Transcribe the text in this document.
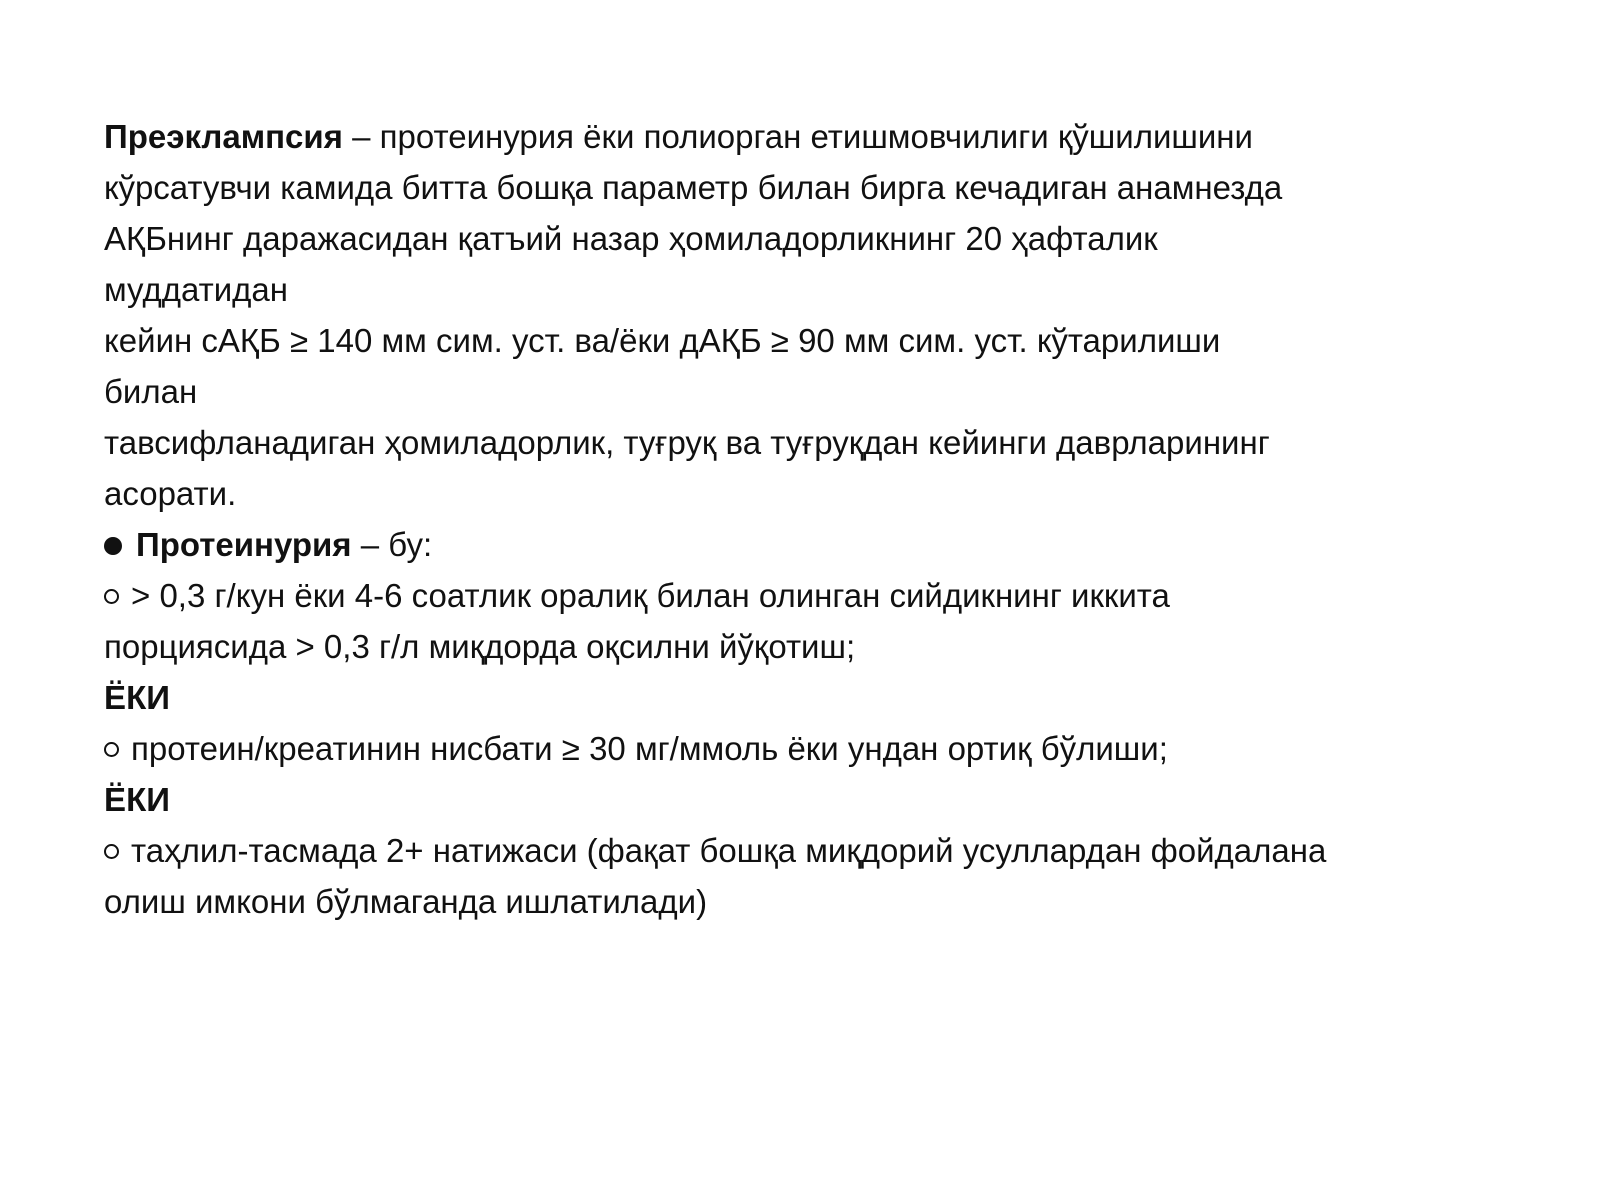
Преэклампсия – протеинурия ёки полиорган етишмовчилиги қўшилишини
кўрсатувчи камида битта бошқа параметр билан бирга кечадиган анамнезда
АҚБнинг даражасидан қатъий назар ҳомиладорликнинг 20 ҳафталик
муддатидан
кейин сАҚБ ≥ 140 мм сим. уст. ва/ёки дАҚБ ≥ 90 мм сим. уст. кўтарилиши
билан
тавсифланадиган ҳомиладорлик, туғруқ ва туғруқдан кейинги даврларининг
асорати.
Протеинурия – бу:
> 0,3 г/кун ёки 4-6 соатлик оралиқ билан олинган сийдикнинг иккита
порциясида > 0,3 г/л миқдорда оқсилни йўқотиш;
ЁКИ
протеин/креатинин нисбати ≥ 30 мг/ммоль ёки ундан ортиқ бўлиши;
ЁКИ
таҳлил-тасмада 2+ натижаси (фақат бошқа миқдорий усуллардан фойдалана
олиш имкони бўлмаганда ишлатилади)
